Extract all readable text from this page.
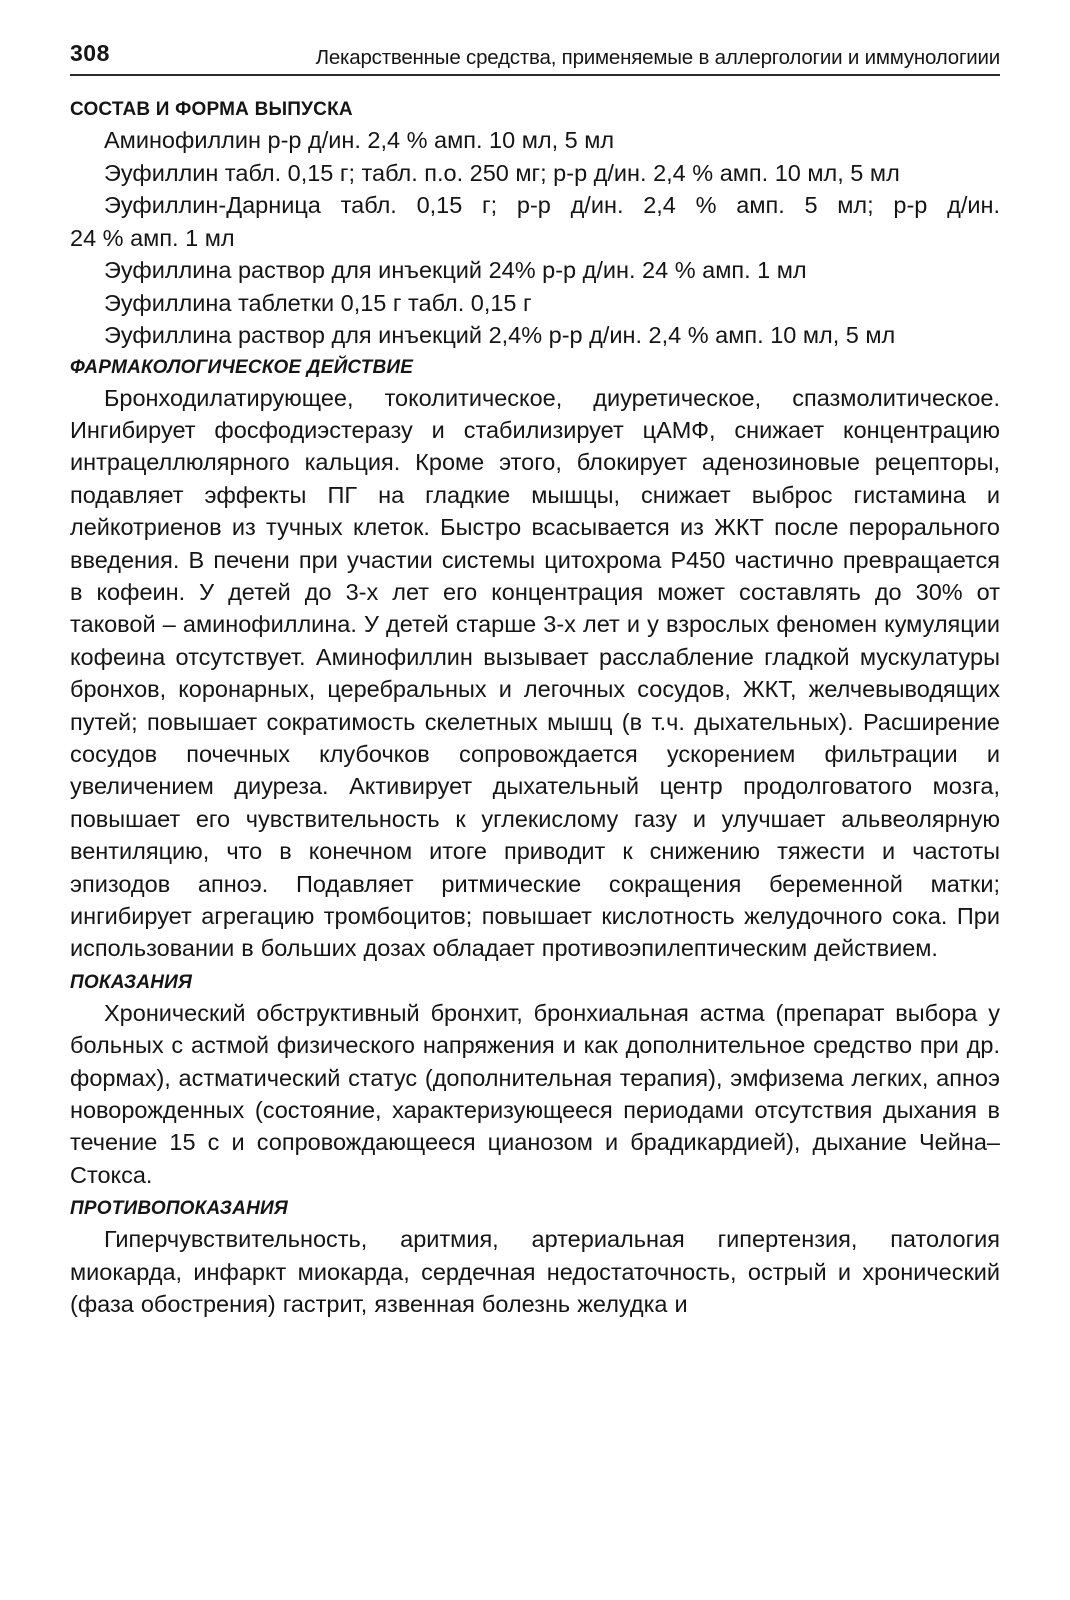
308	Лекарственные средства, применяемые в аллергологии и иммунологиии

СОСТАВ И ФОРМА ВЫПУСКА

Аминофиллин р-р д/ин. 2,4 % амп. 10 мл, 5 мл

Эуфиллин табл. 0,15 г; табл. п.о. 250 мг; р-р д/ин. 2,4 % амп. 10 мл, 5 мл

Эуфиллин-Дарница табл. 0,15 г; р-р д/ин. 2,4 % амп. 5 мл; р-р д/ин.

24 % амп. 1 мл

Эуфиллина раствор для инъекций 24% р-р д/ин. 24 % амп. 1 мл

Эуфиллина таблетки 0,15 г табл. 0,15 г

Эуфиллина раствор для инъекций 2,4% р-р д/ин. 2,4 % амп. 10 мл, 5 мл

ФАРМАКОЛОГИЧЕСКОЕ ДЕЙСТВИЕ

Бронходилатирующее, токолитическое, диуретическое, спазмолитическое. Ингибирует фосфодиэстеразу и стабилизирует цАМФ, снижает концентрацию интрацеллюлярного кальция. Кроме этого, блокирует аденозиновые рецепторы, подавляет эффекты ПГ на гладкие мышцы, снижает выброс гистамина и лейкотриенов из тучных клеток. Быстро всасывается из ЖКТ после перорального введения. В печени при участии системы цитохрома Р450 частично превращается в кофеин. У детей до 3-х лет его концентрация может составлять до 30% от таковой – аминофиллина. У детей старше 3-х лет и у взрослых феномен кумуляции кофеина отсутствует. Аминофиллин вызывает расслабление гладкой мускулатуры бронхов, коронарных, церебральных и легочных сосудов, ЖКТ, желчевыводящих путей; повышает сократимость скелетных мышц (в т.ч. дыхательных). Расширение сосудов почечных клубочков сопровождается ускорением фильтрации и увеличением диуреза. Активирует дыхательный центр продолговатого мозга, повышает его чувствительность к углекислому газу и улучшает альвеолярную вентиляцию, что в конечном итоге приводит к снижению тяжести и частоты эпизодов апноэ. Подавляет ритмические сокращения беременной матки; ингибирует агрегацию тромбоцитов; повышает кислотность желудочного сока. При использовании в больших дозах обладает противоэпилептическим действием.

ПОКАЗАНИЯ

Хронический обструктивный бронхит, бронхиальная астма (препарат выбора у больных с астмой физического напряжения и как дополнительное средство при др. формах), астматический статус (дополнительная терапия), эмфизема легких, апноэ новорожденных (состояние, характеризующееся периодами отсутствия дыхания в течение 15 с и сопровождающееся цианозом и брадикардией), дыхание Чейна–Стокса.

ПРОТИВОПОКАЗАНИЯ

Гиперчувствительность, аритмия, артериальная гипертензия, патология миокарда, инфаркт миокарда, сердечная недостаточность, острый и хронический (фаза обострения) гастрит, язвенная болезнь желудка и
